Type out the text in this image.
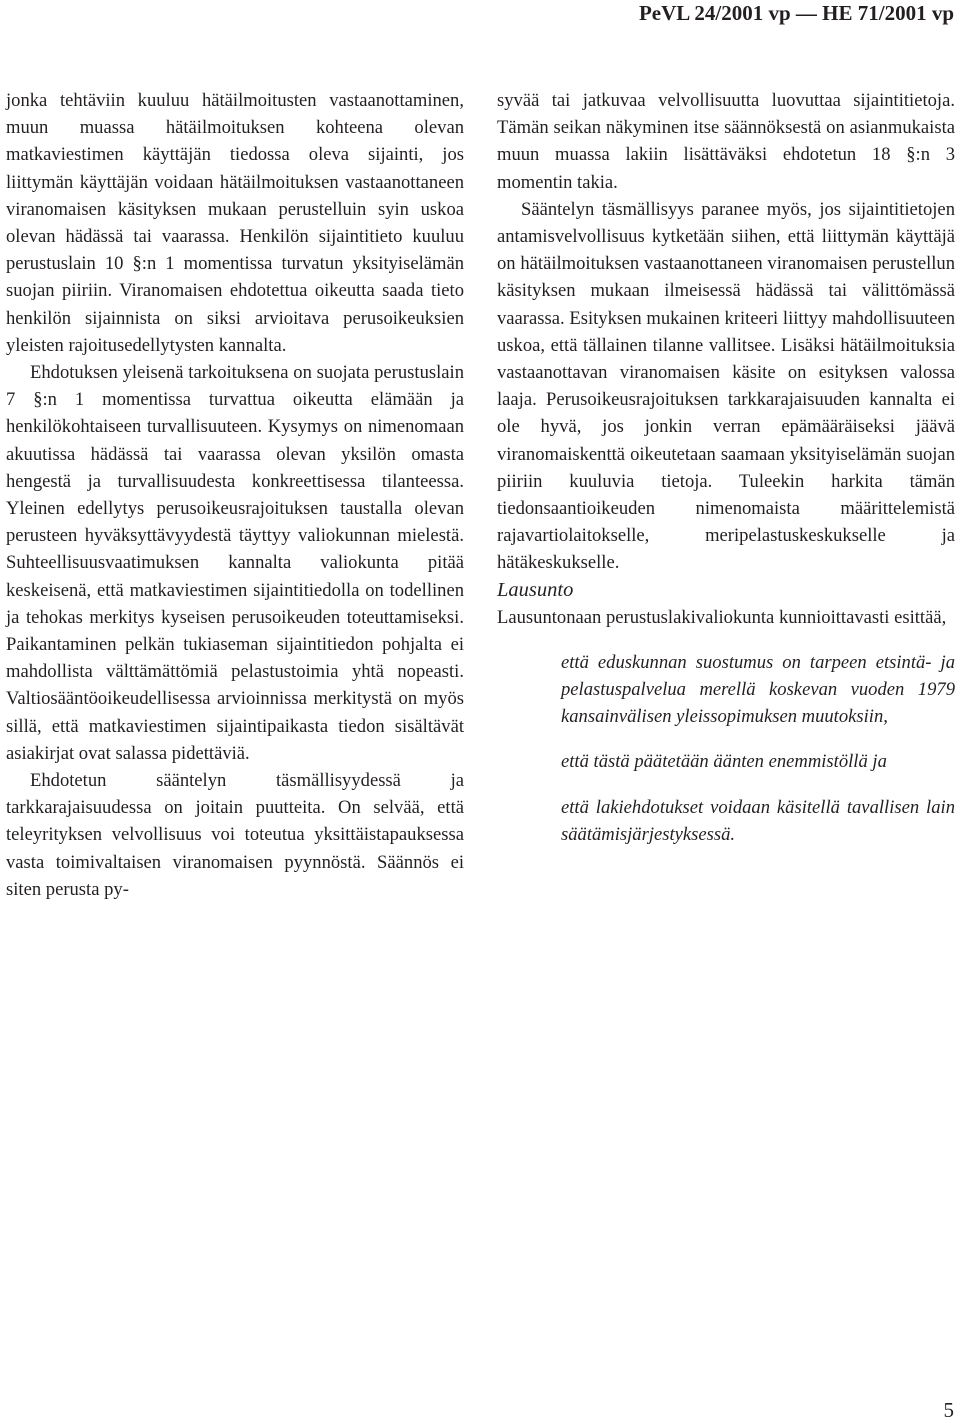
PeVL 24/2001 vp — HE 71/2001 vp

jonka tehtäviin kuuluu hätäilmoitusten vastaanottaminen, muun muassa hätäilmoituksen kohteena olevan matkaviestimen käyttäjän tiedossa oleva sijainti, jos liittymän käyttäjän voidaan hätäilmoituksen vastaanottaneen viranomaisen käsityksen mukaan perustelluin syin uskoa olevan hädässä tai vaarassa. Henkilön sijaintitieto kuuluu perustuslain 10 §:n 1 momentissa turvatun yksityiselämän suojan piiriin. Viranomaisen ehdotettua oikeutta saada tieto henkilön sijainnista on siksi arvioitava perusoikeuksien yleisten rajoitusedellytysten kannalta.

Ehdotuksen yleisenä tarkoituksena on suojata perustuslain 7 §:n 1 momentissa turvattua oikeutta elämään ja henkilökohtaiseen turvallisuuteen. Kysymys on nimenomaan akuutissa hädässä tai vaarassa olevan yksilön omasta hengestä ja turvallisuudesta konkreettisessa tilanteessa. Yleinen edellytys perusoikeusrajoituksen taustalla olevan perusteen hyväksyttävyydestä täyttyy valiokunnan mielestä. Suhteellisuusvaatimuksen kannalta valiokunta pitää keskeisenä, että matkaviestimen sijaintitiedolla on todellinen ja tehokas merkitys kyseisen perusoikeuden toteuttamiseksi. Paikantaminen pelkän tukiaseman sijaintitiedon pohjalta ei mahdollista välttämättömiä pelastustoimia yhtä nopeasti. Valtiosääntöoikeudellisessa arvioinnissa merkitystä on myös sillä, että matkaviestimen sijaintipaikasta tiedon sisältävät asiakirjat ovat salassa pidettäviä.

Ehdotetun sääntelyn täsmällisyydessä ja tarkkarajaisuudessa on joitain puutteita. On selvää, että teleyrityksen velvollisuus voi toteutua yksittäistapauksessa vasta toimivaltaisen viranomaisen pyynnöstä. Säännös ei siten perusta py-

syvää tai jatkuvaa velvollisuutta luovuttaa sijaintitietoja. Tämän seikan näkyminen itse säännöksestä on asianmukaista muun muassa lakiin lisättäväksi ehdotetun 18 §:n 3 momentin takia.

Sääntelyn täsmällisyys paranee myös, jos sijaintitietojen antamisvelvollisuus kytketään siihen, että liittymän käyttäjä on hätäilmoituksen vastaanottaneen viranomaisen perustellun käsityksen mukaan ilmeisessä hädässä tai välittömässä vaarassa. Esityksen mukainen kriteeri liittyy mahdollisuuteen uskoa, että tällainen tilanne vallitsee. Lisäksi hätäilmoituksia vastaanottavan viranomaisen käsite on esityksen valossa laaja. Perusoikeusrajoituksen tarkkarajaisuuden kannalta ei ole hyvä, jos jonkin verran epämääräiseksi jäävä viranomaiskenttä oikeutetaan saamaan yksityiselämän suojan piiriin kuuluvia tietoja. Tuleekin harkita tämän tiedonsaantioikeuden nimenomaista määrittelemistä rajavartiolaitokselle, meripelastuskeskukselle ja hätäkeskukselle.

Lausunto

Lausuntonaan perustuslakivaliokunta kunnioittavasti esittää,

että eduskunnan suostumus on tarpeen etsintä- ja pelastuspalvelua merellä koskevan vuoden 1979 kansainvälisen yleissopimuksen muutoksiin,

että tästä päätetään äänten enemmistöllä ja

että lakiehdotukset voidaan käsitellä tavallisen lain säätämisjärjestyksessä.

5
